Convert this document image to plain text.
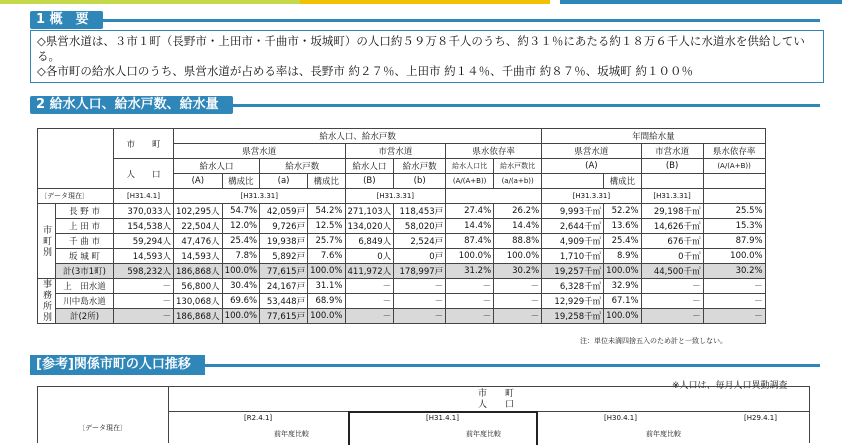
1 概　要

◇県営水道は、３市１町（長野市・上田市・千曲市・坂城町）の人口約５９万８千人のうち、約３１％にあたる約１８万６千人に水道水を供給している。

◇各市町の給水人口のうち、県営水道が占める率は、長野市 約２７％、上田市 約１４％、千曲市 約８７％、坂城町 約１００％

2 給水人口、給水戸数、給水量
		市　　町	給水人口、給水戸数								年間給水量			
			県営水道				市営水道		県水依存率		県営水道		市営水道	県水依存率
		人　　口	給水人口		給水戸数		給水人口	給水戸数	給水人口比	給水戸数比	(A)		(B)	(A/(A+B))
			(A)	構成比	(a)	構成比	(B)	(b)	(A/(A+B))	(a/(a+b))		構成比		
〔データ現在〕		[H31.4.1]	[H31.3.31]				[H31.3.31]				[H31.3.31]		[H31.3.31]	
市町別	長 野 市	370,033人	102,295人	54.7%	42,059戸	54.2%	271,103人	118,453戸	27.4%	26.2%	9,993千㎥	52.2%	29,198千㎥	25.5%
	上 田 市	154,538人	22,504人	12.0%	9,726戸	12.5%	134,020人	58,020戸	14.4%	14.4%	2,644千㎥	13.6%	14,626千㎥	15.3%
	千 曲 市	59,294人	47,476人	25.4%	19,938戸	25.7%	6,849人	2,524戸	87.4%	88.8%	4,909千㎥	25.4%	676千㎥	87.9%
	坂 城 町	14,593人	14,593人	7.8%	5,892戸	7.6%	0人	0戸	100.0%	100.0%	1,710千㎥	8.9%	0千㎥	100.0%
	計(3市1町)	598,232人	186,868人	100.0%	77,615戸	100.0%	411,972人	178,997戸	31.2%	30.2%	19,257千㎥	100.0%	44,500千㎥	30.2%
事務所別	上　田水道	－	56,800人	30.4%	24,167戸	31.1%	－	－	－	－	6,328千㎥	32.9%	－	－
	川中島水道	－	130,068人	69.6%	53,448戸	68.9%	－	－	－	－	12,929千㎥	67.1%	－	－
	計(2所)	－	186,868人	100.0%	77,615戸	100.0%	－	－	－	－	19,258千㎥	100.0%	－	－
注：単位未満四捨五入のため計と一致しない。
[参考]関係市町の人口推移
※人口は、毎月人口異動調査
市　　町
人　　口
〔データ現在〕
[R2.4.1]	[H31.4.1]	[H30.4.1]	[H29.4.1]
前年度比較	前年度比較	前年度比較
